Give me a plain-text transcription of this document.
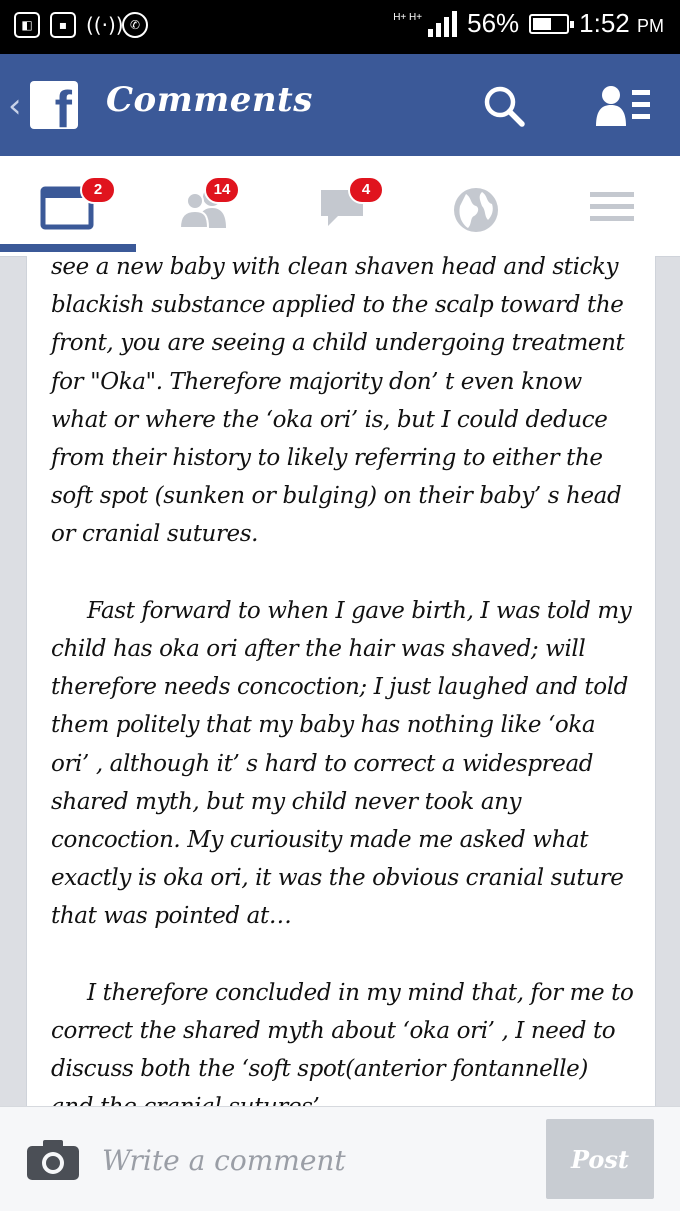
◧	▪ ((·)) ✆
H+ H+ 56% 1:52 PM
‹ f Comments
2	14	4

see a new baby with clean shaven head and sticky

blackish substance applied to the scalp toward the

front, you are seeing a child undergoing treatment

for "Oka". Therefore majority don’ t even know

what or where the ‘oka ori’ is, but I could deduce

from their history to likely referring to either the

soft spot (sunken or bulging) on their baby’ s head

or cranial sutures.

Fast forward to when I gave birth, I was told my

child has oka ori after the hair was shaved; will

therefore needs concoction; I just laughed and told

them politely that my baby has nothing like ‘oka

ori’ , although it’ s hard to correct a widespread

shared myth, but my child never took any

concoction. My curiousity made me asked what

exactly is oka ori, it was the obvious cranial suture

that was pointed at…

I therefore concluded in my mind that, for me to

correct the shared myth about ‘oka ori’ , I need to

discuss both the ‘soft spot(anterior fontannelle)

Write a comment
Post
